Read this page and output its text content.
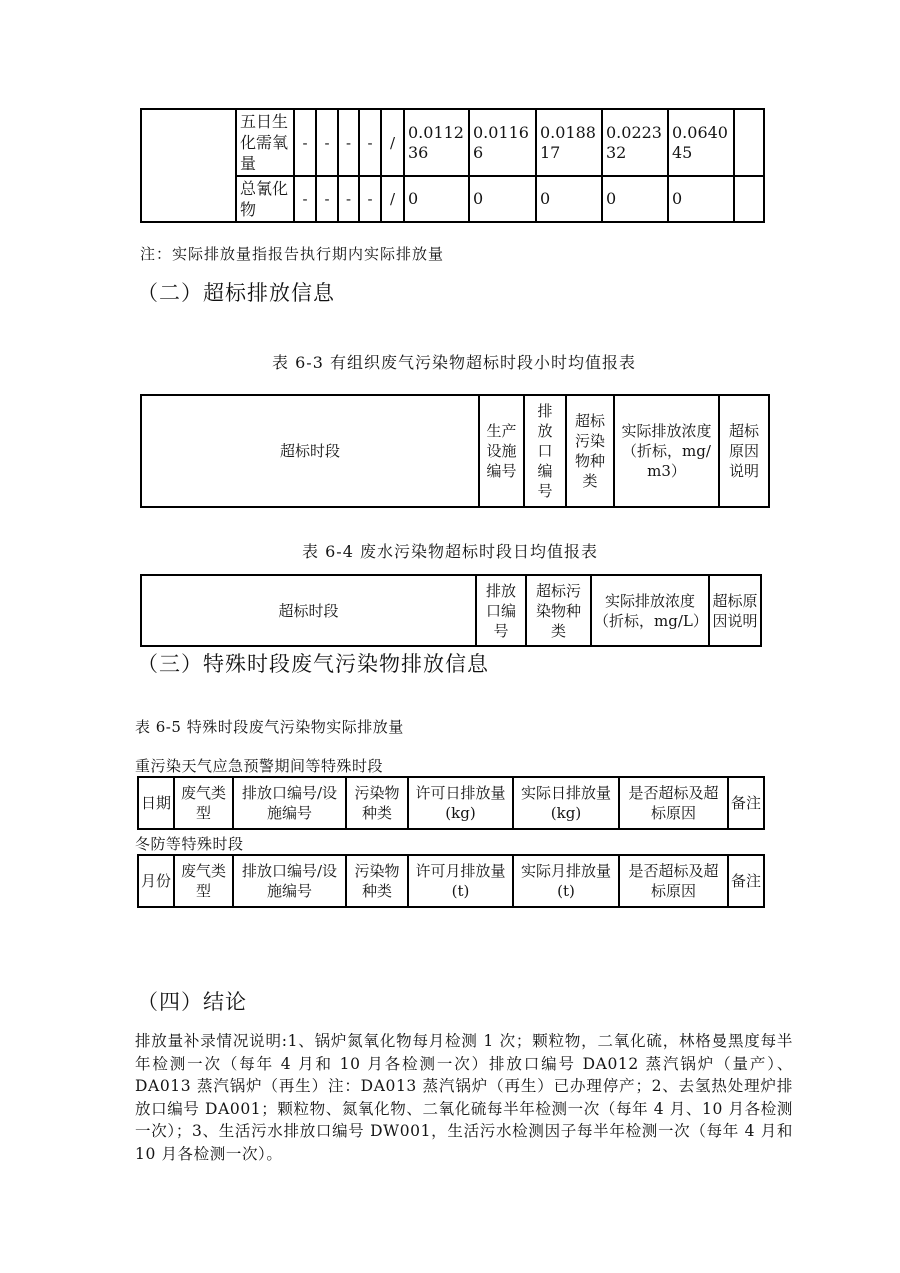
	五日生化需氧量	-	-	-	-	/	0.011236	0.01166	0.018817	0.022332	0.064045	
	总氰化物	-	-	-	-	/	0	0	0	0	0	

注：实际排放量指报告执行期内实际排放量

（二）超标排放信息

表 6-3 有组织废气污染物超标时段小时均值报表

超标时段	生产设施编号	排放口编号	超标污染物种类	实际排放浓度（折标，mg/m3）	超标原因说明

表 6-4 废水污染物超标时段日均值报表

超标时段	排放口编号	超标污染物种类	实际排放浓度（折标，mg/L）	超标原因说明
（三）特殊时段废气污染物排放信息

表 6-5 特殊时段废气污染物实际排放量

重污染天气应急预警期间等特殊时段

日期	废气类型	排放口编号/设施编号	污染物种类	许可日排放量(kg)	实际日排放量(kg)	是否超标及超标原因	备注

冬防等特殊时段

月份	废气类型	排放口编号/设施编号	污染物种类	许可月排放量(t)	实际月排放量(t)	是否超标及超标原因	备注
（四）结论

排放量补录情况说明:1、锅炉氮氧化物每月检测 1 次；颗粒物，二氧化硫，林格曼黑度每半年检测一次（每年 4 月和 10 月各检测一次）排放口编号 DA012 蒸汽锅炉（量产）、DA013 蒸汽锅炉（再生）注：DA013 蒸汽锅炉（再生）已办理停产；2、去氢热处理炉排放口编号 DA001；颗粒物、氮氧化物、二氧化硫每半年检测一次（每年 4 月、10 月各检测一次）；3、生活污水排放口编号 DW001，生活污水检测因子每半年检测一次（每年 4 月和 10 月各检测一次）。
